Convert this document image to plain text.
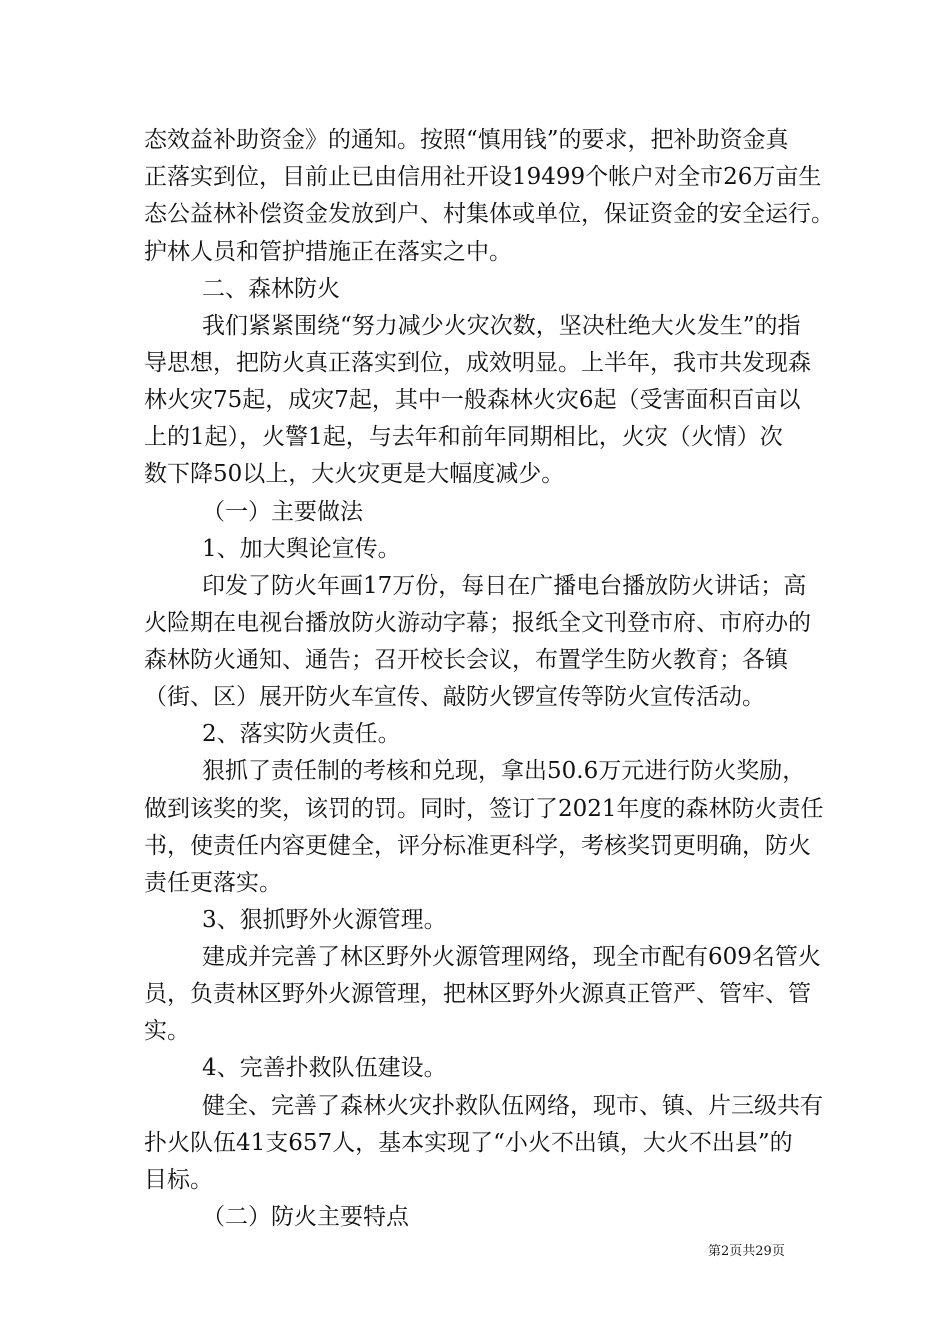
态效益补助资金》的通知。按照“慎用钱”的要求，把补助资金真
正落实到位，目前止已由信用社开设19499个帐户对全市26万亩生
态公益林补偿资金发放到户、村集体或单位，保证资金的安全运行。
护林人员和管护措施正在落实之中。
二、森林防火
我们紧紧围绕“努力减少火灾次数，坚决杜绝大火发生”的指
导思想，把防火真正落实到位，成效明显。上半年，我市共发现森
林火灾75起，成灾7起，其中一般森林火灾6起（受害面积百亩以
上的1起），火警1起，与去年和前年同期相比，火灾（火情）次
数下降50以上，大火灾更是大幅度减少。
（一）主要做法
1、加大舆论宣传。
印发了防火年画17万份，每日在广播电台播放防火讲话；高
火险期在电视台播放防火游动字幕；报纸全文刊登市府、市府办的
森林防火通知、通告；召开校长会议，布置学生防火教育；各镇
（街、区）展开防火车宣传、敲防火锣宣传等防火宣传活动。
2、落实防火责任。
狠抓了责任制的考核和兑现，拿出50.6万元进行防火奖励，
做到该奖的奖，该罚的罚。同时，签订了2021年度的森林防火责任
书，使责任内容更健全，评分标准更科学，考核奖罚更明确，防火
责任更落实。
3、狠抓野外火源管理。
建成并完善了林区野外火源管理网络，现全市配有609名管火
员，负责林区野外火源管理，把林区野外火源真正管严、管牢、管
实。
4、完善扑救队伍建设。
健全、完善了森林火灾扑救队伍网络，现市、镇、片三级共有
扑火队伍41支657人，基本实现了“小火不出镇，大火不出县”的
目标。
（二）防火主要特点
第2页共29页
